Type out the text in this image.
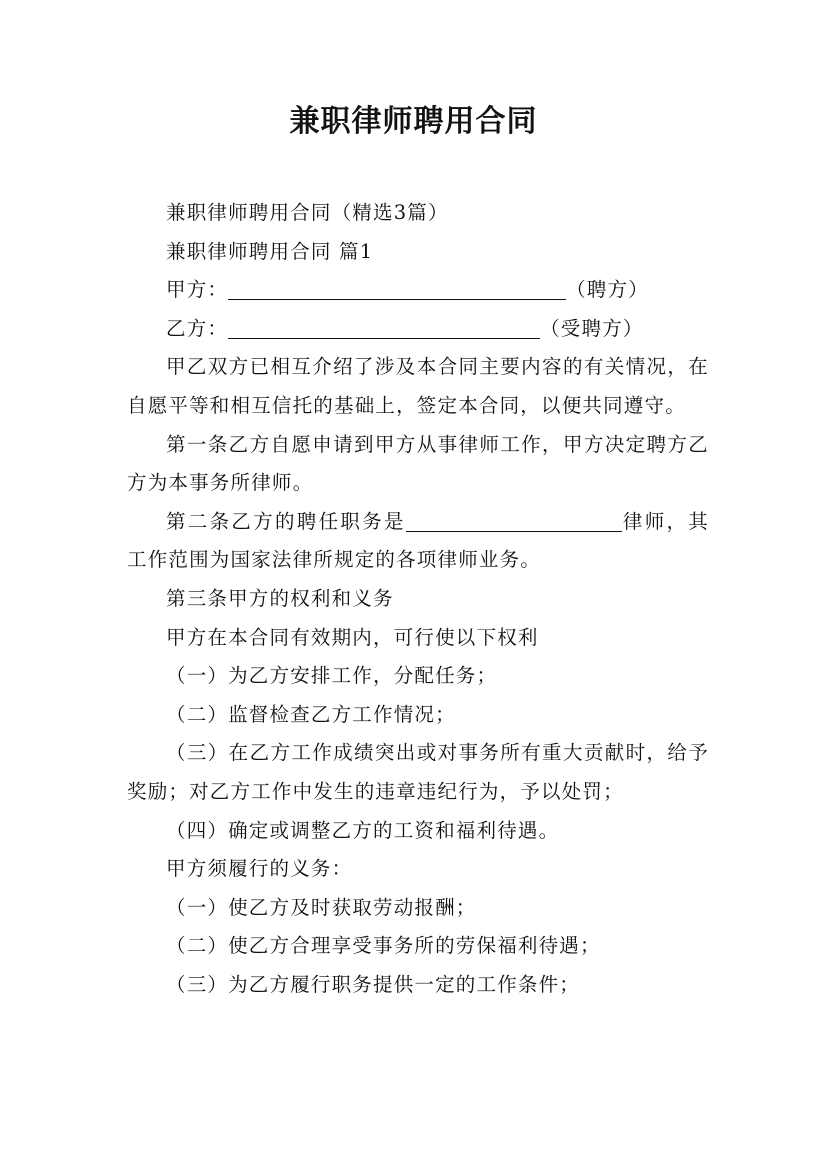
兼职律师聘用合同

兼职律师聘用合同（精选3篇）

兼职律师聘用合同 篇1

甲方：	（聘方）

乙方：	（受聘方）

甲乙双方已相互介绍了涉及本合同主要内容的有关情况，在自愿平等和相互信托的基础上，签定本合同，以便共同遵守。

第一条乙方自愿申请到甲方从事律师工作，甲方决定聘方乙方为本事务所律师。

第二条乙方的聘任职务是	律师，其工作范围为国家法律所规定的各项律师业务。

第三条甲方的权利和义务

甲方在本合同有效期内，可行使以下权利

（一）为乙方安排工作，分配任务；

（二）监督检查乙方工作情况；

（三）在乙方工作成绩突出或对事务所有重大贡献时，给予奖励；对乙方工作中发生的违章违纪行为，予以处罚；

（四）确定或调整乙方的工资和福利待遇。

甲方须履行的义务：

（一）使乙方及时获取劳动报酬；

（二）使乙方合理享受事务所的劳保福利待遇；

（三）为乙方履行职务提供一定的工作条件；
